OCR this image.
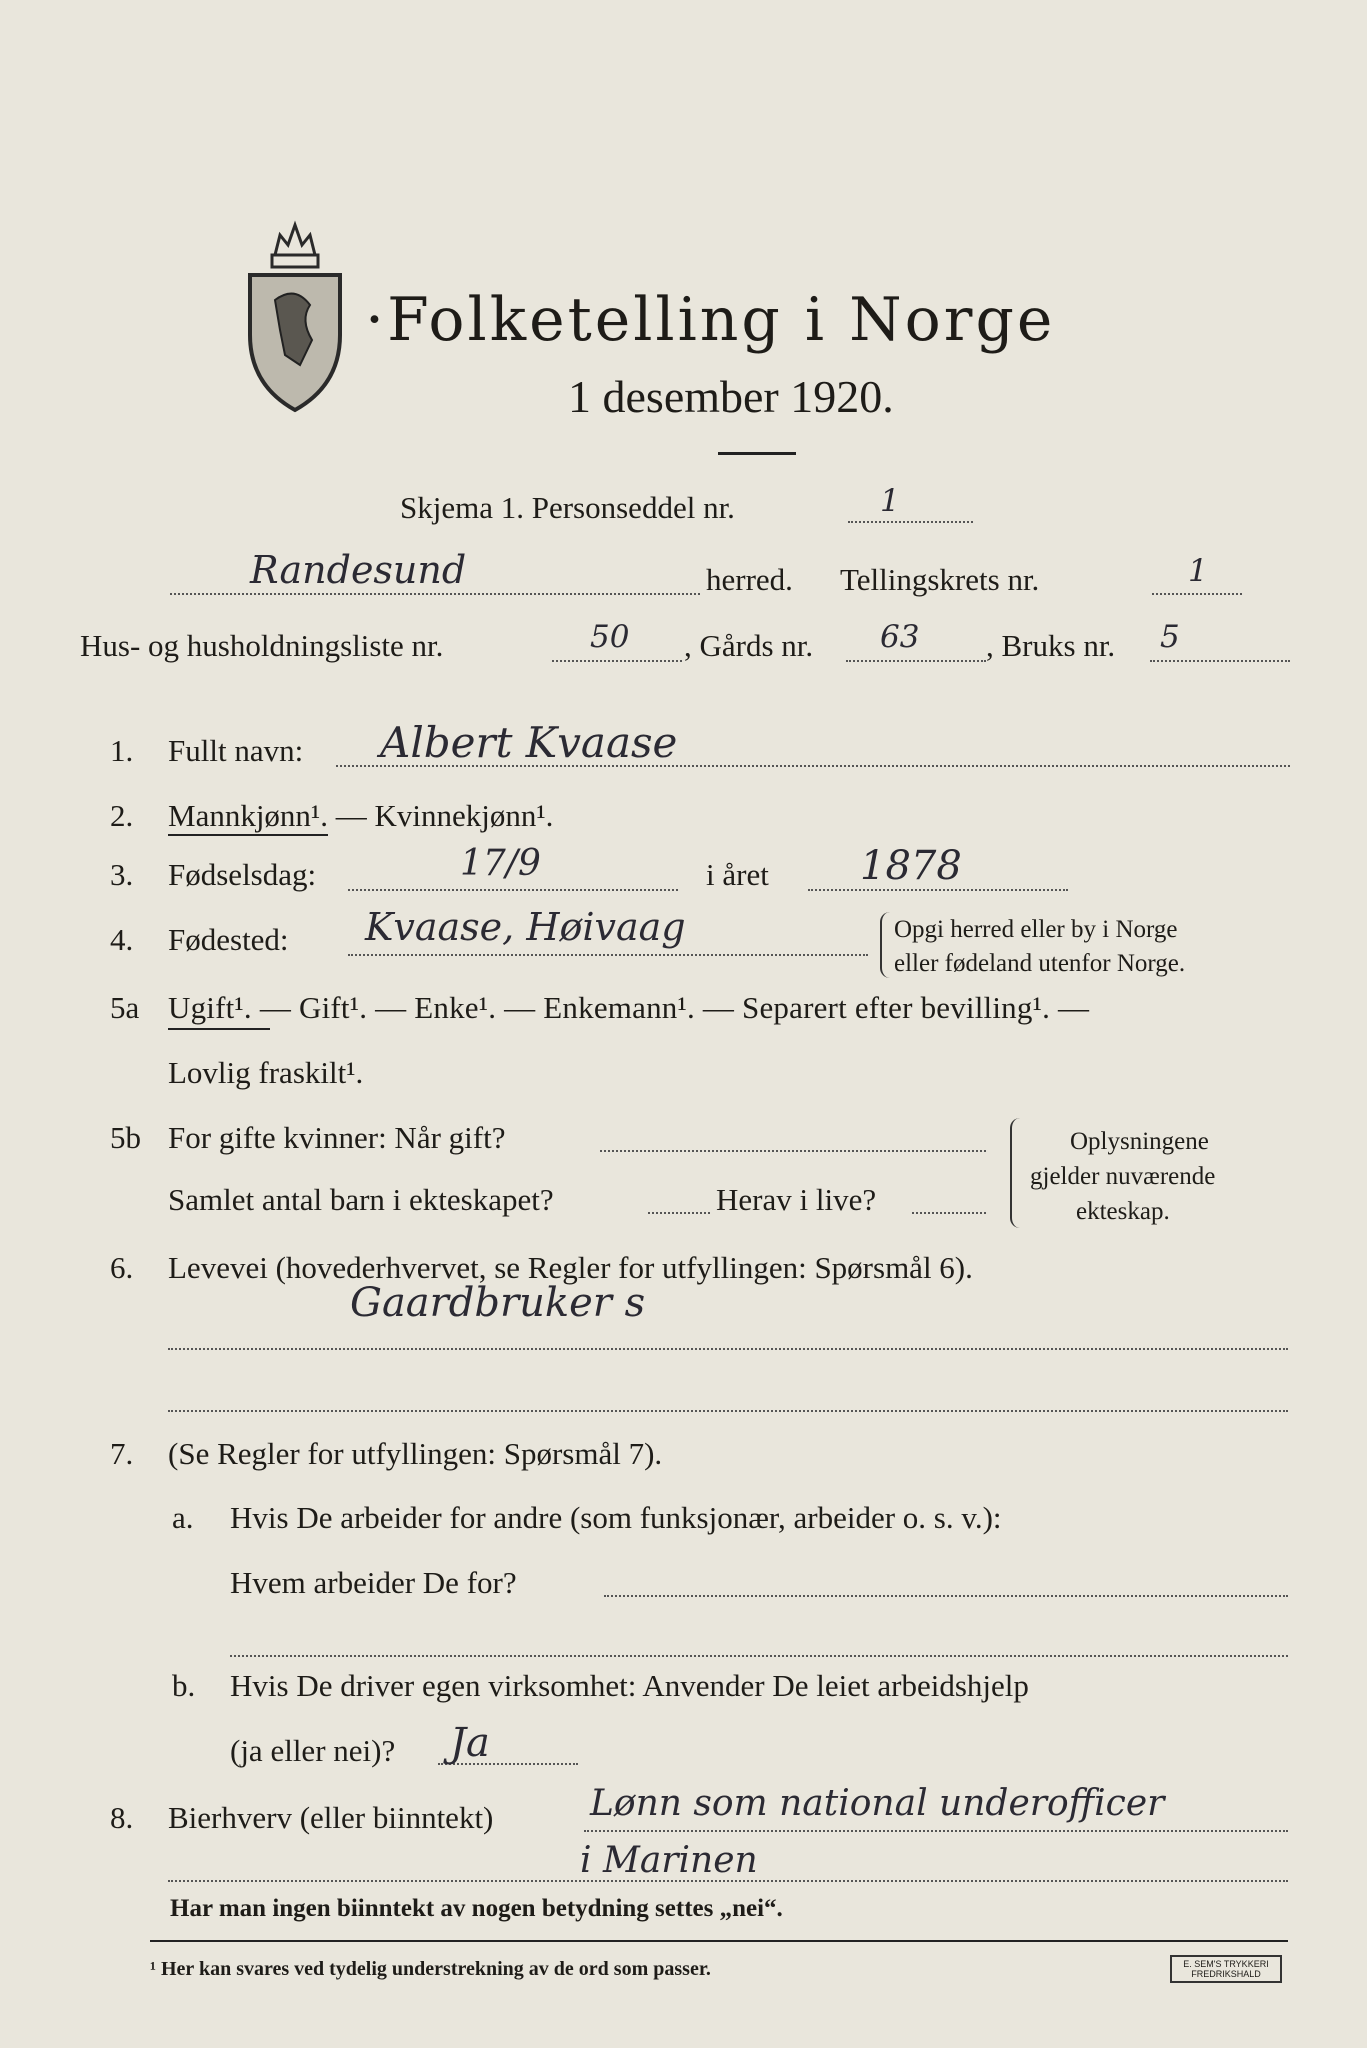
·Folketelling i Norge
1 desember 1920.
Skjema 1. Personseddel nr.	1
Randesund	herred. Tellingskrets nr.	1
Hus- og husholdningsliste nr.	50 , Gårds nr. 63 , Bruks nr. 5
1. Fullt navn: Albert Kvaase
2. Mannkjønn¹. — Kvinnekjønn¹.
3. Fødselsdag:	17/9	i året 1878
4. Fødested: Kvaase, Høivaag	Opgi herred eller by i Norge
eller fødeland utenfor Norge.
5a Ugift¹. — Gift¹. — Enke¹. — Enkemann¹. — Separert efter bevilling¹. —
Lovlig fraskilt¹.
5b For gifte kvinner: Når gift?
Samlet antal barn i ekteskapet?	Herav i live?
Oplysningene
gjelder nuværende
ekteskap.
6. Levevei (hovederhvervet, se Regler for utfyllingen: Spørsmål 6).
Gaardbruker s
7. (Se Regler for utfyllingen: Spørsmål 7).
a. Hvis De arbeider for andre (som funksjonær, arbeider o. s. v.):
Hvem arbeider De for?
b. Hvis De driver egen virksomhet: Anvender De leiet arbeidshjelp
(ja eller nei)? Ja
8. Bierhverv (eller biinntekt)	Lønn som national underofficer
i Marinen
Har man ingen biinntekt av nogen betydning settes „nei“.
¹ Her kan svares ved tydelig understrekning av de ord som passer.	E. SEM'S TRYKKERI FREDRIKSHALD
